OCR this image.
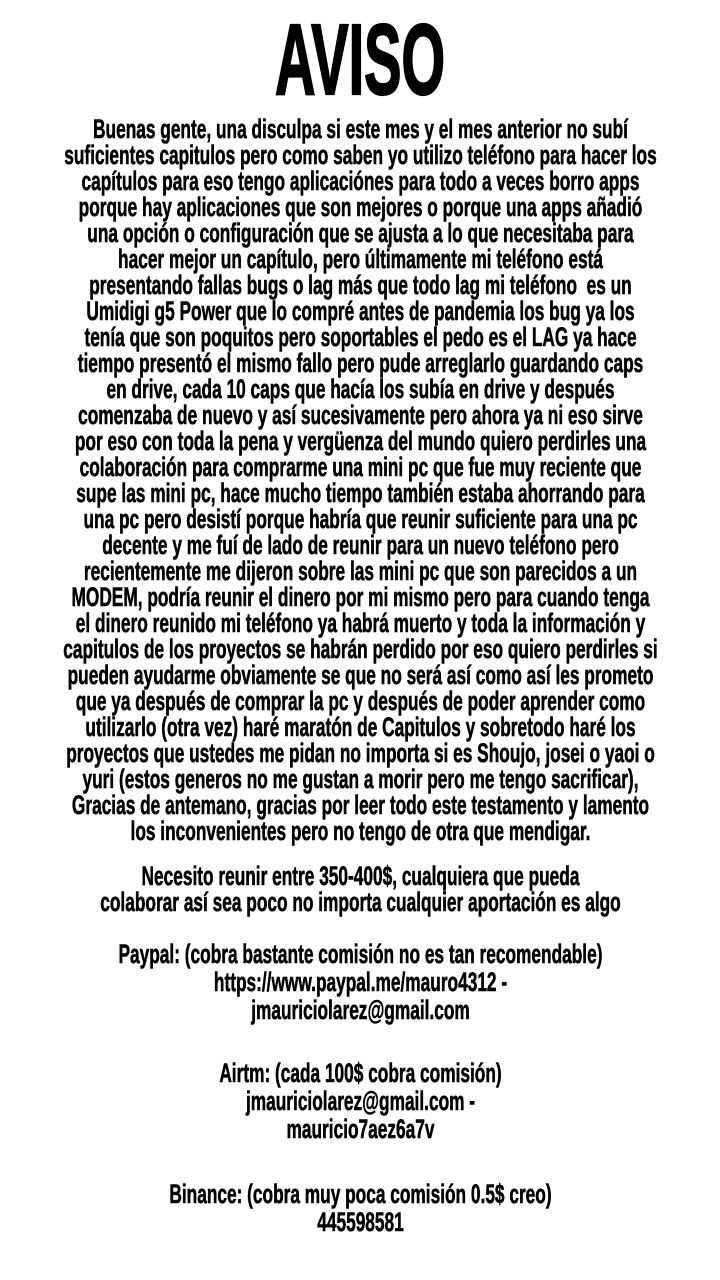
AVISO
Buenas gente, una disculpa si este mes y el mes anterior no subí
suficientes capitulos pero como saben yo utilizo teléfono para hacer los
capítulos para eso tengo aplicaciónes para todo a veces borro apps
porque hay aplicaciones que son mejores o porque una apps añadió
una opción o configuración que se ajusta a lo que necesitaba para
hacer mejor un capítulo, pero últimamente mi teléfono está
presentando fallas bugs o lag más que todo lag mi teléfono  es un
Umidigi g5 Power que lo compré antes de pandemia los bug ya los
tenía que son poquitos pero soportables el pedo es el LAG ya hace
tiempo presentó el mismo fallo pero pude arreglarlo guardando caps
en drive, cada 10 caps que hacía los subía en drive y después
comenzaba de nuevo y así sucesivamente pero ahora ya ni eso sirve
por eso con toda la pena y vergüenza del mundo quiero perdirles una
colaboración para comprarme una mini pc que fue muy reciente que
supe las mini pc, hace mucho tiempo también estaba ahorrando para
una pc pero desistí porque habría que reunir suficiente para una pc
decente y me fuí de lado de reunir para un nuevo teléfono pero
recientemente me dijeron sobre las mini pc que son parecidos a un
MODEM, podría reunir el dinero por mi mismo pero para cuando tenga
el dinero reunido mi teléfono ya habrá muerto y toda la información y
capitulos de los proyectos se habrán perdido por eso quiero perdirles si
pueden ayudarme obviamente se que no será así como así les prometo
que ya después de comprar la pc y después de poder aprender como
utilizarlo (otra vez) haré maratón de Capitulos y sobretodo haré los
proyectos que ustedes me pidan no importa si es Shoujo, josei o yaoi o
yuri (estos generos no me gustan a morir pero me tengo sacrificar),
Gracias de antemano, gracias por leer todo este testamento y lamento
los inconvenientes pero no tengo de otra que mendigar.
Necesito reunir entre 350-400$, cualquiera que pueda
colaborar así sea poco no importa cualquier aportación es algo
Paypal: (cobra bastante comisión no es tan recomendable)
https://www.paypal.me/mauro4312 -
jmauriciolarez@gmail.com
Airtm: (cada 100$ cobra comisión)
jmauriciolarez@gmail.com -
mauricio7aez6a7v
Binance: (cobra muy poca comisión 0.5$ creo)
445598581
